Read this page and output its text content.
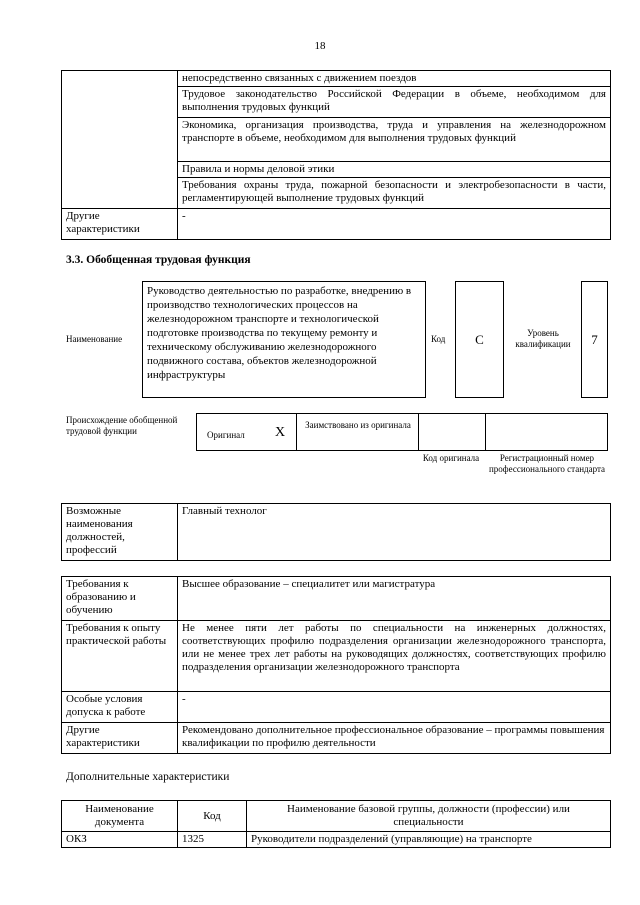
18
	непосредственно связанных с движением поездов
	Трудовое законодательство Российской Федерации в объеме, необходимом для выполнения трудовых функций
	Экономика, организация производства, труда и управления на железнодорожном транспорте в объеме, необходимом для выполнения трудовых функций
	Правила и нормы деловой этики
	Требования охраны труда, пожарной безопасности и электробезопасности в части, регламентирующей выполнение трудовых функций
Другие характеристики	-
3.3. Обобщенная трудовая функция
Наименование
Руководство деятельностью по разработке, внедрению в производство технологических процессов на железнодорожном транспорте и технологической подготовке производства по текущему ремонту и техническому обслуживанию железнодорожного подвижного состава, объектов железнодорожной инфраструктуры
Код	C	Уровень квалификации	7
Происхождение обобщенной трудовой функции	Оригинал X Заимствовано из оригинала
Код оригинала	Регистрационный номер профессионального стандарта
Возможные наименования должностей, профессий	Главный технолог
Требования к образованию и обучению	Высшее образование – специалитет или магистратура
Требования к опыту практической работы	Не менее пяти лет работы по специальности на инженерных должностях, соответствующих профилю подразделения организации железнодорожного транспорта, или не менее трех лет работы на руководящих должностях, соответствующих профилю подразделения организации железнодорожного транспорта
Особые условия допуска к работе	-
Другие характеристики	Рекомендовано дополнительное профессиональное образование – программы повышения квалификации по профилю деятельности
Дополнительные характеристики
Наименование документа	Код	Наименование базовой группы, должности (профессии) или специальности
ОКЗ	1325	Руководители подразделений (управляющие) на транспорте
